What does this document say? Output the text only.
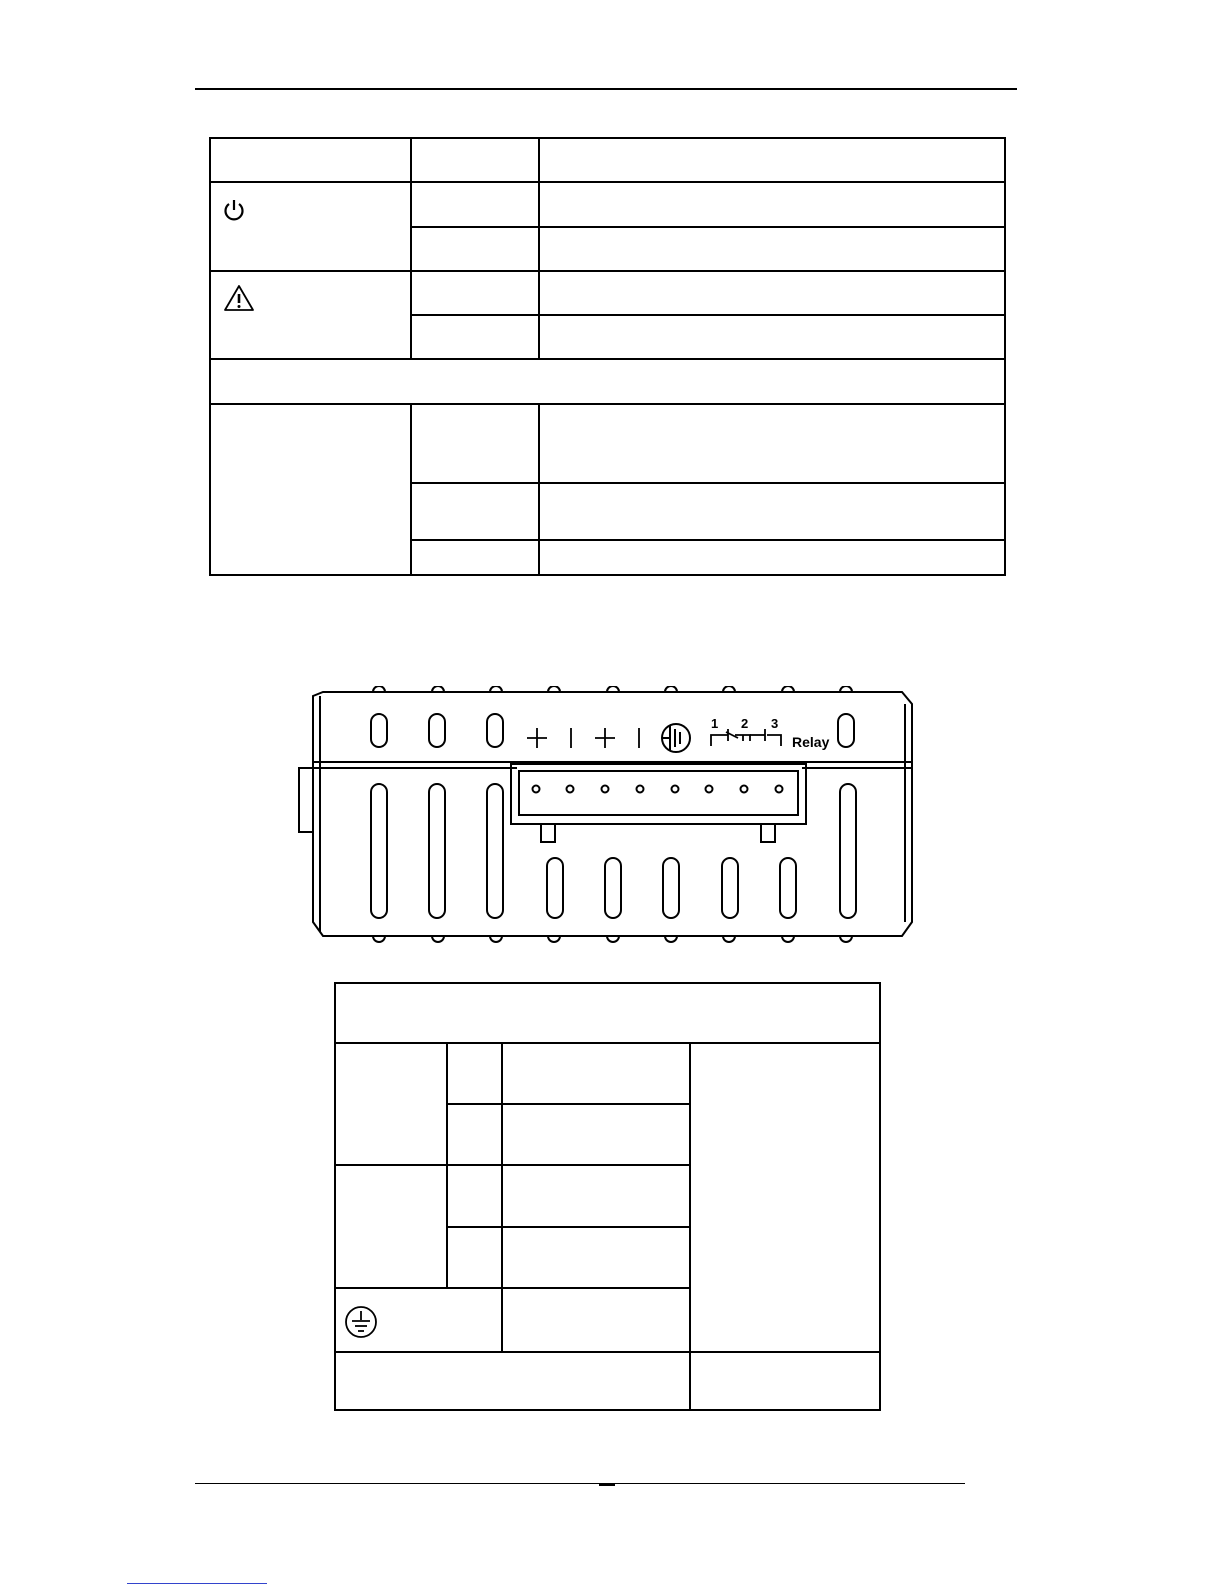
1 2 3
Relay
